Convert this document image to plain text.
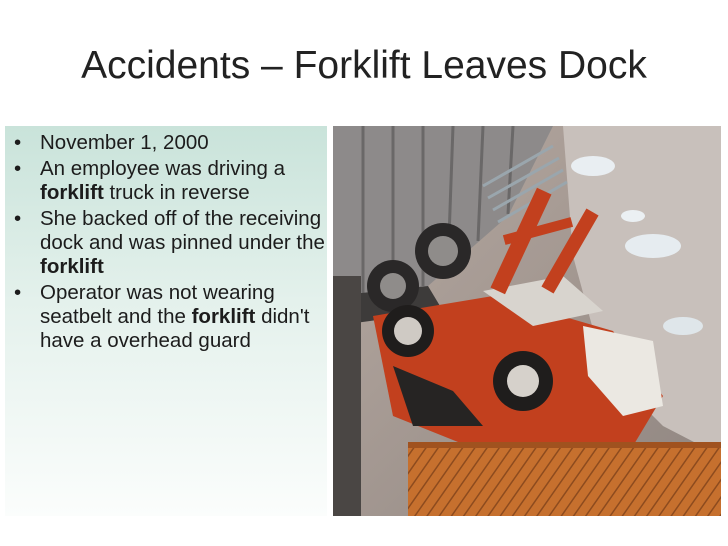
Accidents – Forklift Leaves Dock
• November 1, 2000
• An employee was driving a forklift truck in reverse
• She backed off of the receiving dock and was pinned under the forklift
• Operator was not wearing seatbelt and the forklift didn't have a overhead guard
